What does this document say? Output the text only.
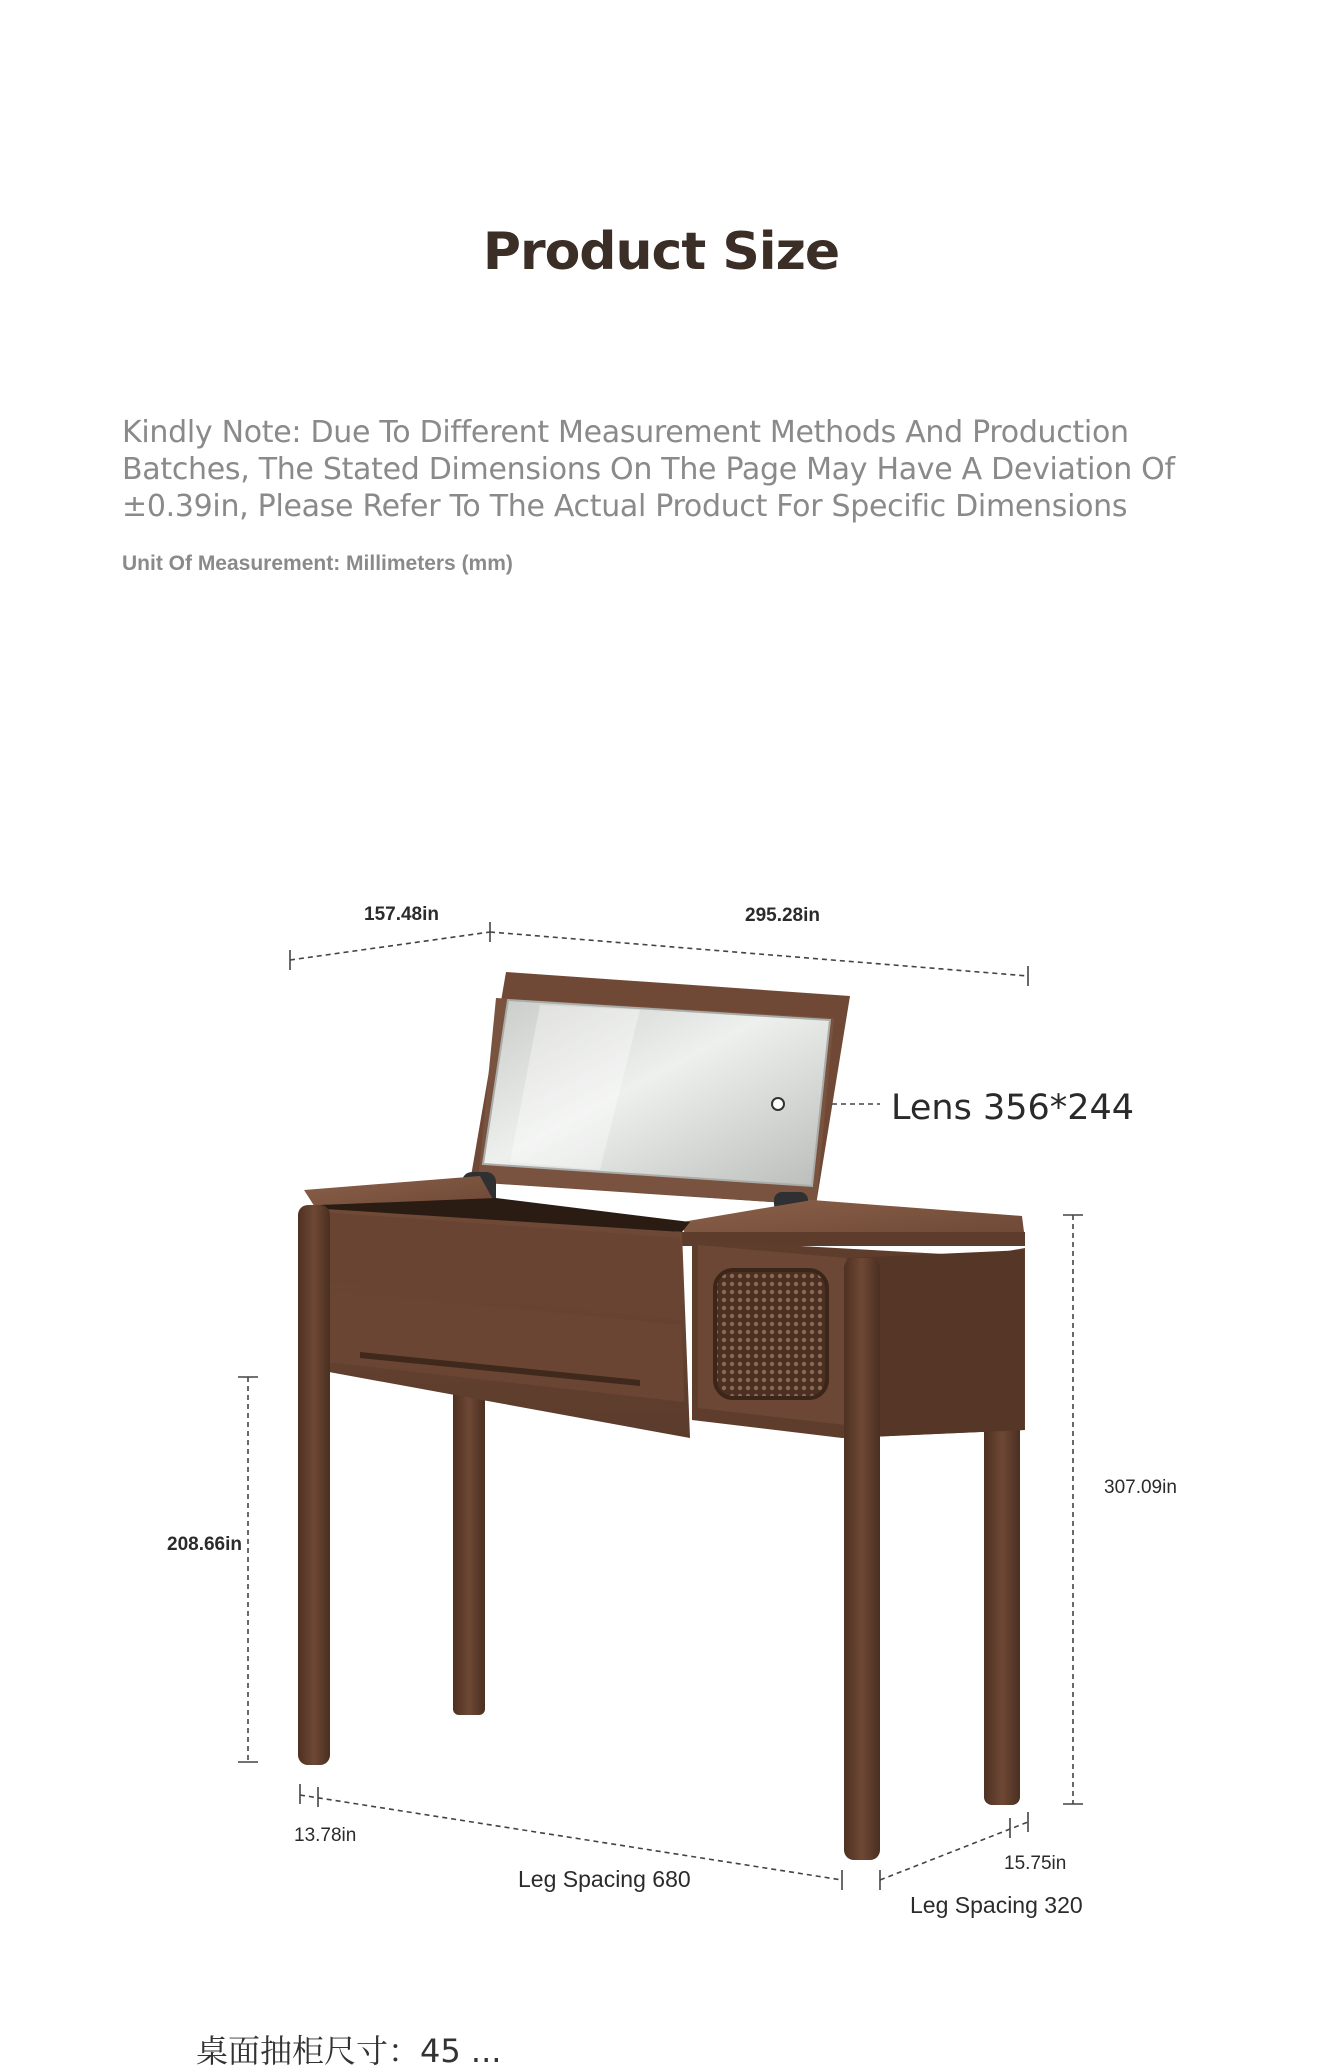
Product Size
Kindly Note: Due To Different Measurement Methods And Production Batches, The Stated Dimensions On The Page May Have A Deviation Of ±0.39in, Please Refer To The Actual Product For Specific Dimensions
Unit Of Measurement: Millimeters (mm)
157.48in	295.28in
Lens 356*244
307.09in
208.66in
13.78in
15.75in
Leg Spacing 680
Leg Spacing 320
桌面抽柜尺寸：45 ...
